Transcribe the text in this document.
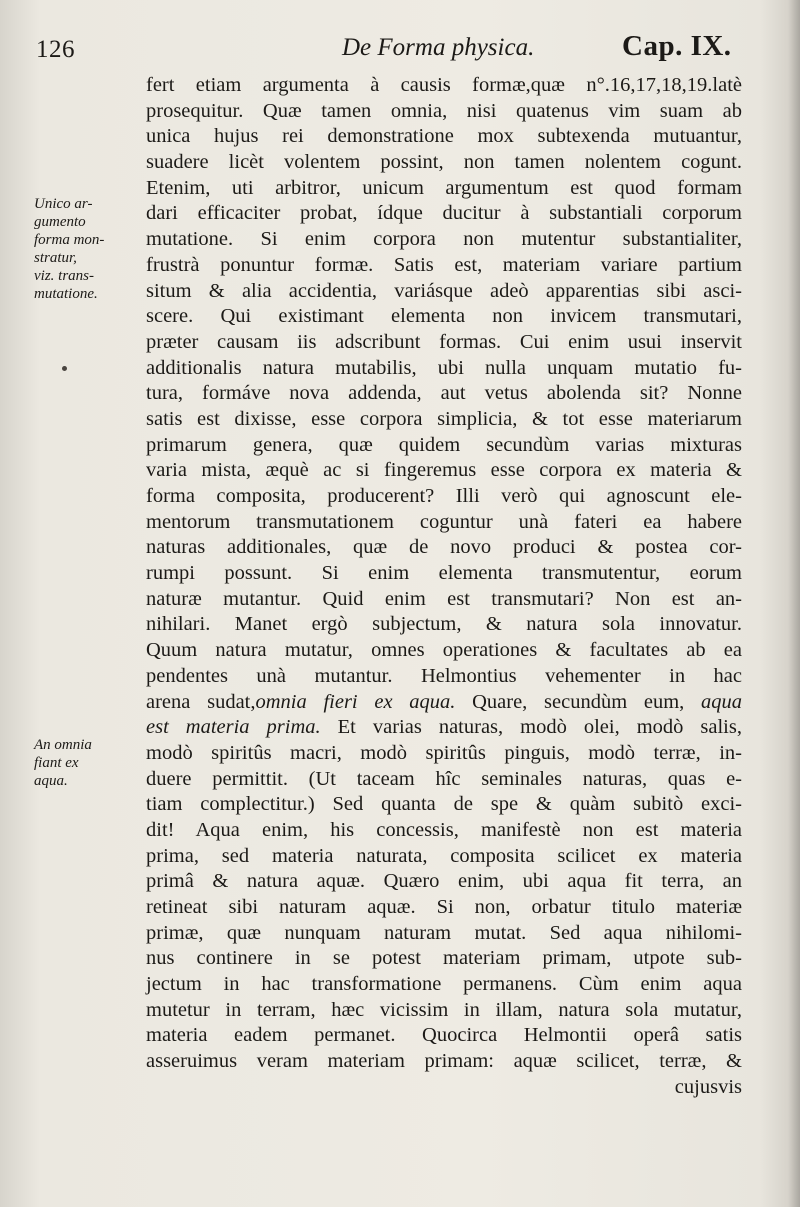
126	De Forma physica.	Cap. IX.
Unico ar-
gumento
forma mon-
stratur,
viz. trans-
mutatione.
An omnia
fiant ex
aqua.
fert etiam argumenta à causis formæ,quæ n°.16,17,18,19.latè
prosequitur. Quæ tamen omnia, nisi quatenus vim suam ab
unica hujus rei demonstratione mox subtexenda mutuantur,
suadere licèt volentem possint, non tamen nolentem cogunt.
Etenim, uti arbitror, unicum argumentum est quod formam
dari efficaciter probat, ídque ducitur à substantiali corporum
mutatione. Si enim corpora non mutentur substantialiter,
frustrà ponuntur formæ. Satis est, materiam variare partium
situm & alia accidentia, variásque adeò apparentias sibi asci-
scere. Qui existimant elementa non invicem transmutari,
præter causam iis adscribunt formas. Cui enim usui inservit
additionalis natura mutabilis, ubi nulla unquam mutatio fu-
tura, formáve nova addenda, aut vetus abolenda sit? Nonne
satis est dixisse, esse corpora simplicia, & tot esse materiarum
primarum genera, quæ quidem secundùm varias mixturas
varia mista, æquè ac si fingeremus esse corpora ex materia &
forma composita, producerent? Illi verò qui agnoscunt ele-
mentorum transmutationem coguntur unà fateri ea habere
naturas additionales, quæ de novo produci & postea cor-
rumpi possunt. Si enim elementa transmutentur, eorum
naturæ mutantur. Quid enim est transmutari? Non est an-
nihilari. Manet ergò subjectum, & natura sola innovatur.
Quum natura mutatur, omnes operationes & facultates ab ea
pendentes unà mutantur. Helmontius vehementer in hac
arena sudat,omnia fieri ex aqua. Quare, secundùm eum, aqua
est materia prima. Et varias naturas, modò olei, modò salis,
modò spiritûs macri, modò spiritûs pinguis, modò terræ, in-
duere permittit. (Ut taceam hîc seminales naturas, quas e-
tiam complectitur.) Sed quanta de spe & quàm subitò exci-
dit! Aqua enim, his concessis, manifestè non est materia
prima, sed materia naturata, composita scilicet ex materia
primâ & natura aquæ. Quæro enim, ubi aqua fit terra, an
retineat sibi naturam aquæ. Si non, orbatur titulo materiæ
primæ, quæ nunquam naturam mutat. Sed aqua nihilomi-
nus continere in se potest materiam primam, utpote sub-
jectum in hac transformatione permanens. Cùm enim aqua
mutetur in terram, hæc vicissim in illam, natura sola mutatur,
materia eadem permanet. Quocirca Helmontii operâ satis
asseruimus veram materiam primam: aquæ scilicet, terræ, &
cujusvis
